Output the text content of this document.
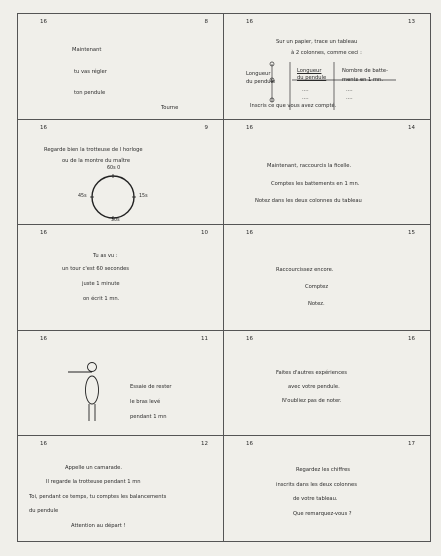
16	8
Maintenant
tu vas régler
ton pendule
Tourne
16	13
Sur un papier, trace un tableau
à 2 colonnes, comme ceci :
Longueur
du pendule
Longueur
du pendule
Nombre de batte-
ments en 1 mn.
....	....
....	....
Inscris ce que vous avez compté.
16	9
Regarde bien la trotteuse de l horloge
ou de la montre du maître
60s 0
45s	15s
30s
16	14
Maintenant, raccourcis la ficelle.
Comptes les battements en 1 mn.
Notez dans les deux colonnes du tableau
16	10
Tu as vu :
un tour c'est 60 secondes
juste 1 minute
on écrit 1 mn.
16	15
Raccourcissez encore.
Comptez
Notez.
16	11
Essaie de rester
le bras levé
pendant 1 mn
16	16
Faites d'autres expériences
avec votre pendule.
N'oubliez pas de noter.
16	12
Appelle un camarade.
Il regarde la trotteuse pendant 1 mn
Toi, pendant ce temps, tu comptes les balancements
du pendule
Attention au départ !
16	17
Regardez les chiffres
inscrits dans les deux colonnes
de votre tableau.
Que remarquez-vous ?
